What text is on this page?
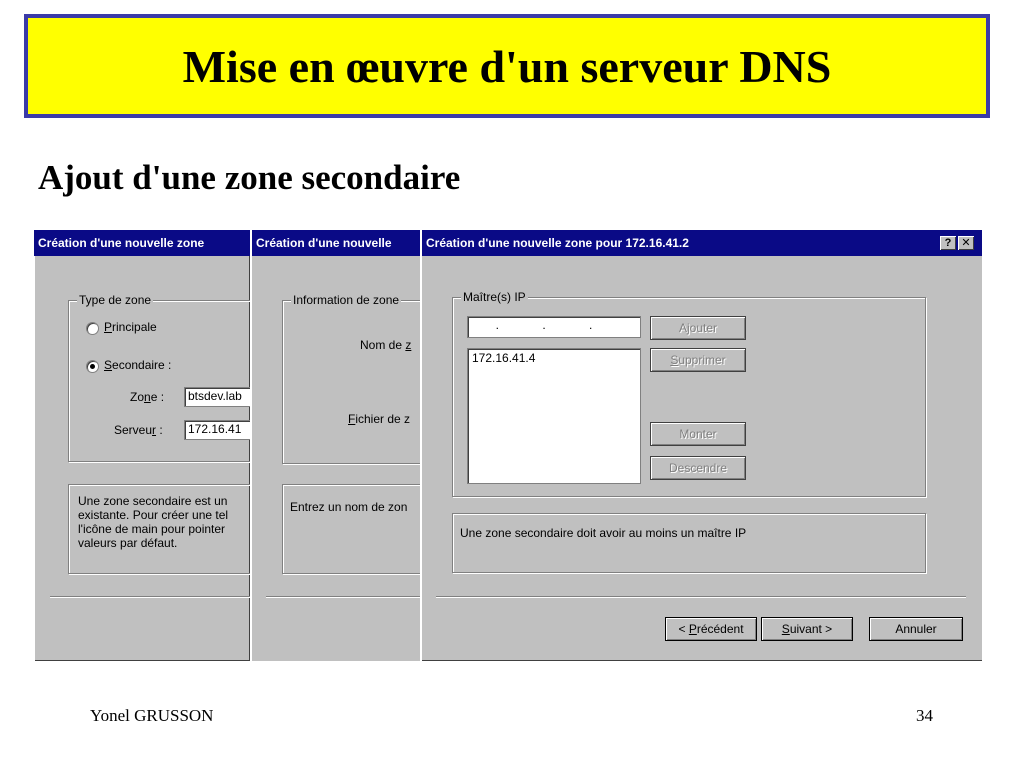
Mise en œuvre d'un serveur DNS
Ajout d'une zone secondaire
Création d'une nouvelle zone
Type de zone
Principale
Secondaire :
Zone :	btsdev.lab
Serveur :	172.16.41
Une zone secondaire est un
existante. Pour créer une tel
l'icône de main pour pointer
valeurs par défaut.
Création d'une nouvelle
Information de zone
Nom de z
Fichier de z
Entrez un nom de zon
Création d'une nouvelle zone pour 172.16.41.2	? ✕
Maître(s) IP
. . .
172.16.41.4
Ajouter
Supprimer
Monter
Descendre
Une zone secondaire doit avoir au moins un maître IP
< Précédent	Suivant >	Annuler
Yonel GRUSSON	34
